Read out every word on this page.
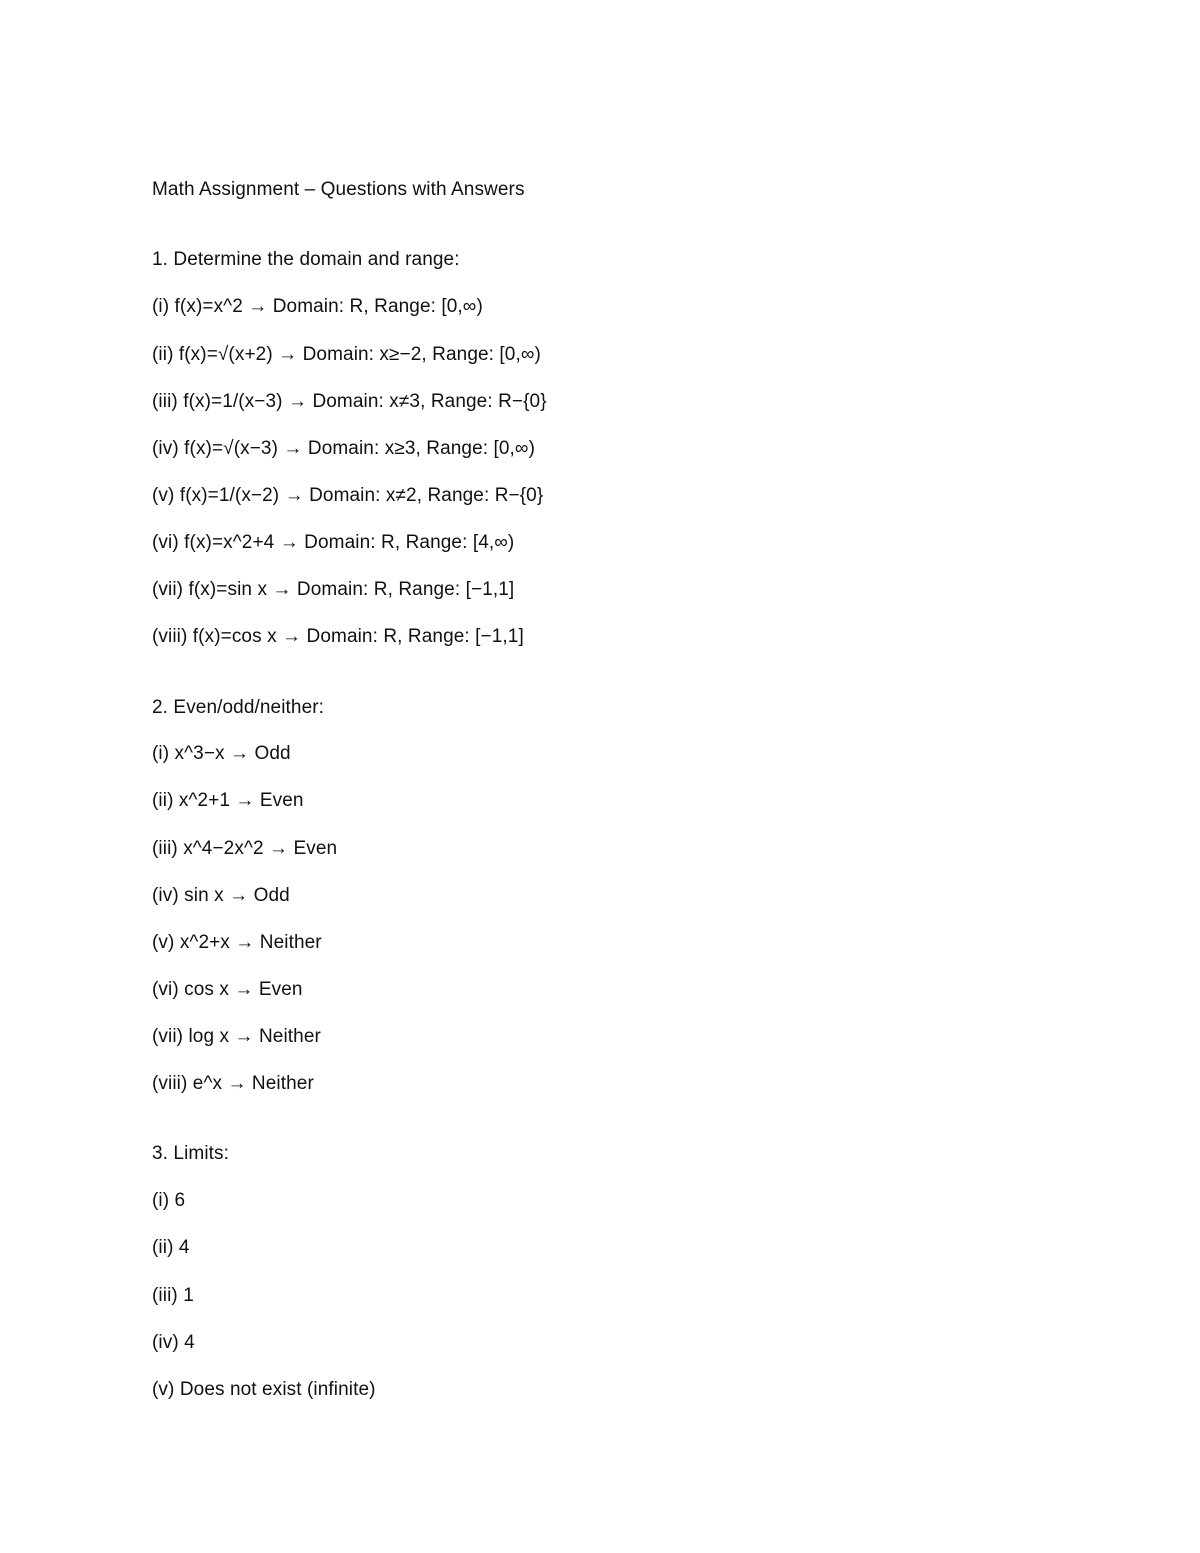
Math Assignment – Questions with Answers
1. Determine the domain and range:
(i) f(x)=x^2 → Domain: R, Range: [0,∞)
(ii) f(x)=√(x+2) → Domain: x≥−2, Range: [0,∞)
(iii) f(x)=1/(x−3) → Domain: x≠3, Range: R−{0}
(iv) f(x)=√(x−3) → Domain: x≥3, Range: [0,∞)
(v) f(x)=1/(x−2) → Domain: x≠2, Range: R−{0}
(vi) f(x)=x^2+4 → Domain: R, Range: [4,∞)
(vii) f(x)=sin x → Domain: R, Range: [−1,1]
(viii) f(x)=cos x → Domain: R, Range: [−1,1]
2. Even/odd/neither:
(i) x^3−x → Odd
(ii) x^2+1 → Even
(iii) x^4−2x^2 → Even
(iv) sin x → Odd
(v) x^2+x → Neither
(vi) cos x → Even
(vii) log x → Neither
(viii) e^x → Neither
3. Limits:
(i) 6
(ii) 4
(iii) 1
(iv) 4
(v) Does not exist (infinite)
